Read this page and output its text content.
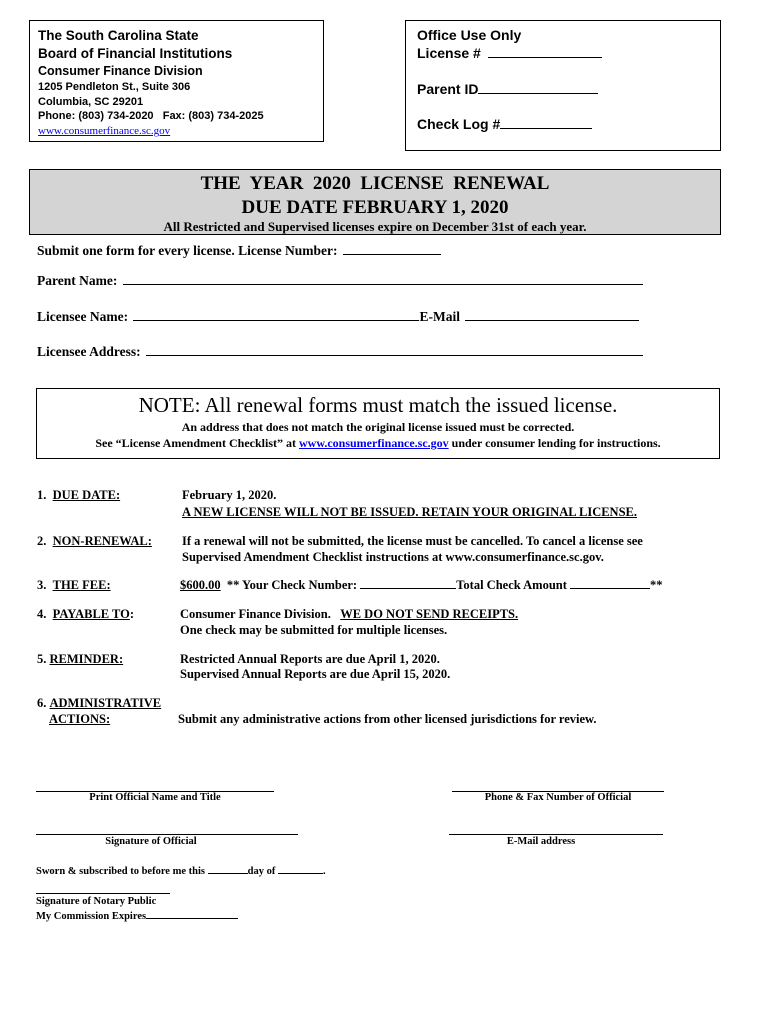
The South Carolina State
Board of Financial Institutions
Consumer Finance Division
1205 Pendleton St., Suite 306
Columbia, SC 29201
Phone: (803) 734-2020   Fax: (803) 734-2025
www.consumerfinance.sc.gov
Office Use Only
License #
Parent ID
Check Log #
THE  YEAR  2020  LICENSE  RENEWAL
DUE DATE FEBRUARY 1, 2020
All Restricted and Supervised licenses expire on December 31st of each year.
Submit one form for every license. License Number:
Parent Name:
Licensee Name:	E-Mail
Licensee Address:
NOTE: All renewal forms must match the issued license.
An address that does not match the original license issued must be corrected.
See “License Amendment Checklist” at www.consumerfinance.sc.gov under consumer lending for instructions.
1. DUE DATE:	February 1, 2020.
A NEW LICENSE WILL NOT BE ISSUED. RETAIN YOUR ORIGINAL LICENSE.
2. NON-RENEWAL: If a renewal will not be submitted, the license must be cancelled. To cancel a license see
Supervised Amendment Checklist instructions at www.consumerfinance.sc.gov.
3. THE FEE:	$600.00 ** Your Check Number:	Total Check Amount	**
4. PAYABLE TO:	Consumer Finance Division. WE DO NOT SEND RECEIPTS.
One check may be submitted for multiple licenses.
5. REMINDER:	Restricted Annual Reports are due April 1, 2020.
Supervised Annual Reports are due April 15, 2020.
6. ADMINISTRATIVE
ACTIONS:	Submit any administrative actions from other licensed jurisdictions for review.
Print Official Name and Title	Phone & Fax Number of Official
Signature of Official	E-Mail address
Sworn & subscribed to before me this	day of	.
Signature of Notary Public
My Commission Expires
